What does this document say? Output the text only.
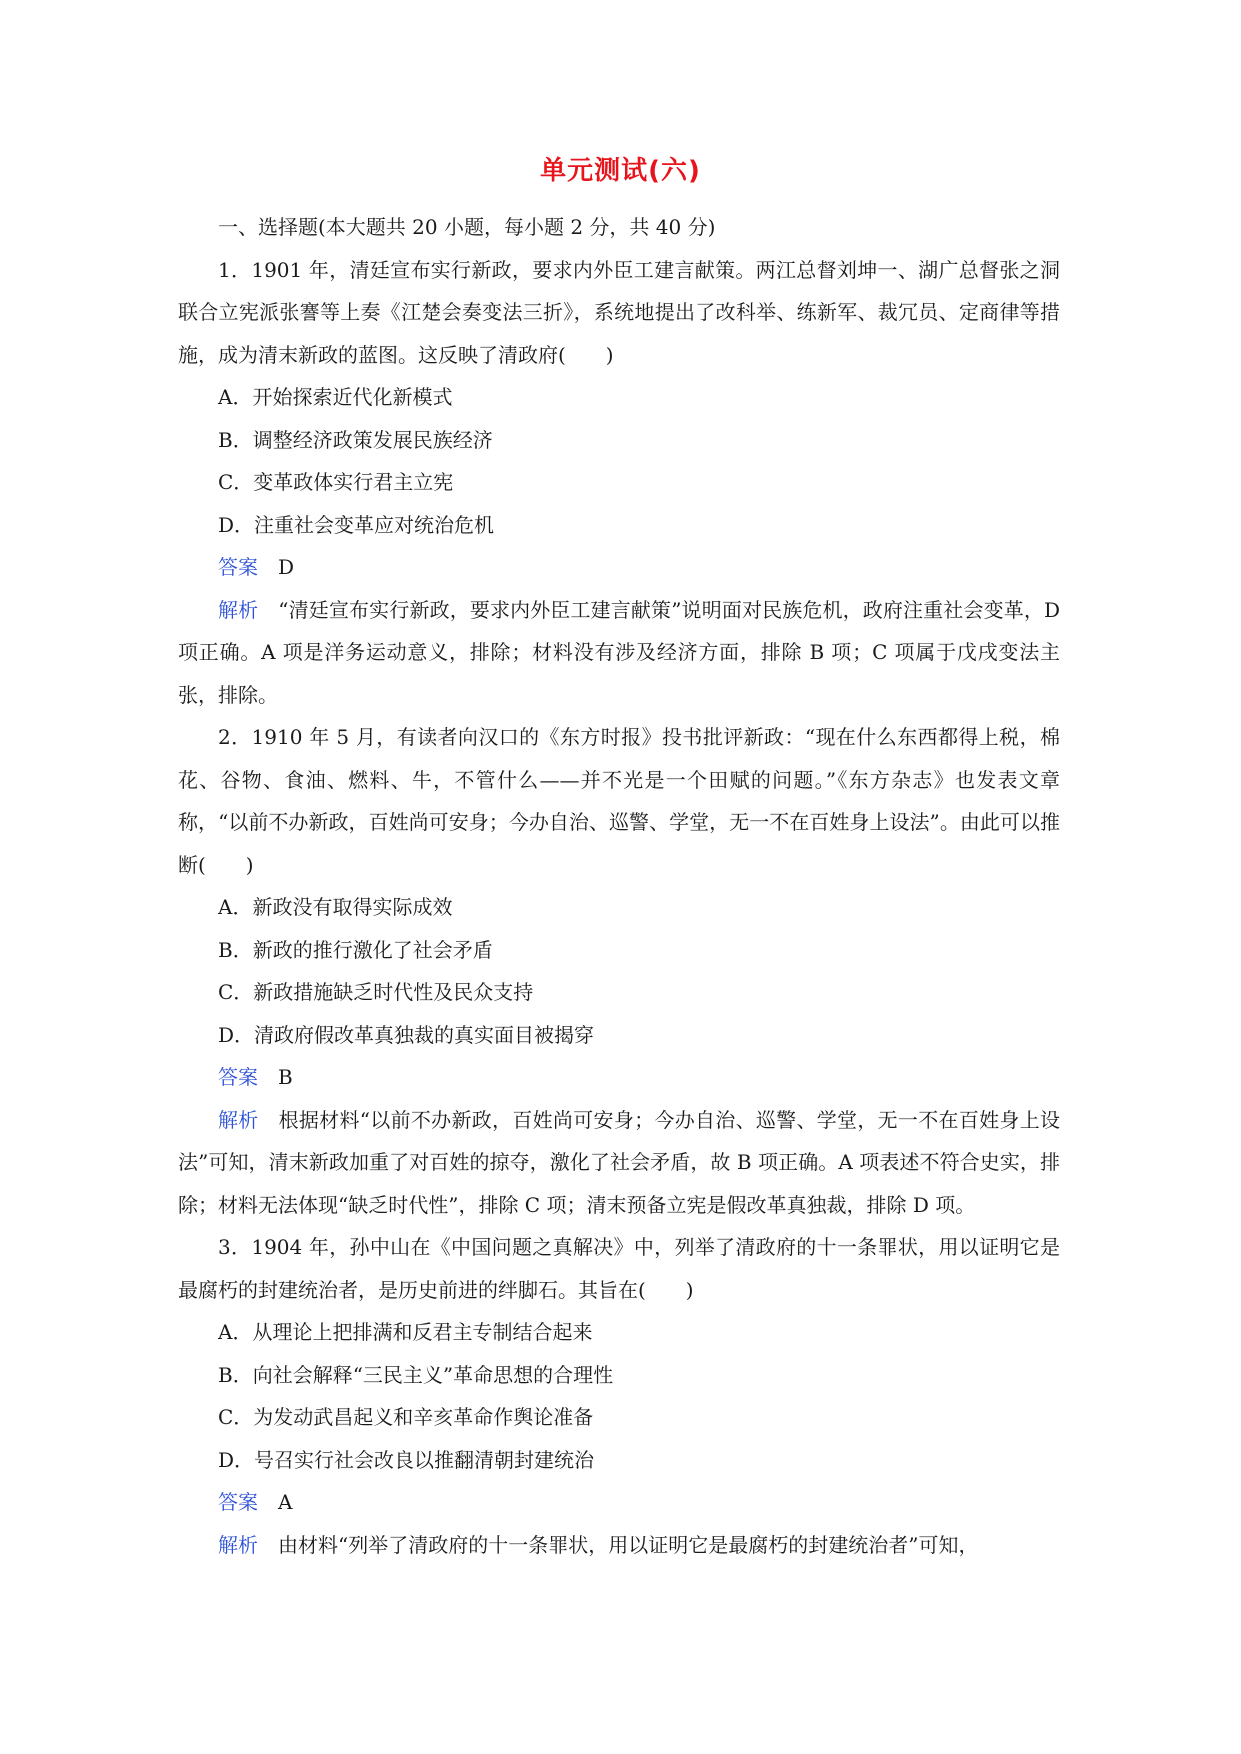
单元测试(六)

一、选择题(本大题共 20 小题，每小题 2 分，共 40 分)

1．1901 年，清廷宣布实行新政，要求内外臣工建言献策。两江总督刘坤一、湖广总督张之洞联合立宪派张謇等上奏《江楚会奏变法三折》，系统地提出了改科举、练新军、裁冗员、定商律等措施，成为清末新政的蓝图。这反映了清政府(　　)

A．开始探索近代化新模式

B．调整经济政策发展民族经济

C．变革政体实行君主立宪

D．注重社会变革应对统治危机

答案 D

解析 “清廷宣布实行新政，要求内外臣工建言献策”说明面对民族危机，政府注重社会变革，D 项正确。A 项是洋务运动意义，排除；材料没有涉及经济方面，排除 B 项；C 项属于戊戌变法主张，排除。

2．1910 年 5 月，有读者向汉口的《东方时报》投书批评新政：“现在什么东西都得上税，棉花、谷物、食油、燃料、牛，不管什么——并不光是一个田赋的问题。”《东方杂志》也发表文章称，“以前不办新政，百姓尚可安身；今办自治、巡警、学堂，无一不在百姓身上设法”。由此可以推断(　　)

A．新政没有取得实际成效

B．新政的推行激化了社会矛盾

C．新政措施缺乏时代性及民众支持

D．清政府假改革真独裁的真实面目被揭穿

答案 B

解析 根据材料“以前不办新政，百姓尚可安身；今办自治、巡警、学堂，无一不在百姓身上设法”可知，清末新政加重了对百姓的掠夺，激化了社会矛盾，故 B 项正确。A 项表述不符合史实，排除；材料无法体现“缺乏时代性”，排除 C 项；清末预备立宪是假改革真独裁，排除 D 项。

3．1904 年，孙中山在《中国问题之真解决》中，列举了清政府的十一条罪状，用以证明它是最腐朽的封建统治者，是历史前进的绊脚石。其旨在(　　)

A．从理论上把排满和反君主专制结合起来

B．向社会解释“三民主义”革命思想的合理性

C．为发动武昌起义和辛亥革命作舆论准备

D．号召实行社会改良以推翻清朝封建统治

答案 A

解析 由材料“列举了清政府的十一条罪状，用以证明它是最腐朽的封建统治者”可知，
